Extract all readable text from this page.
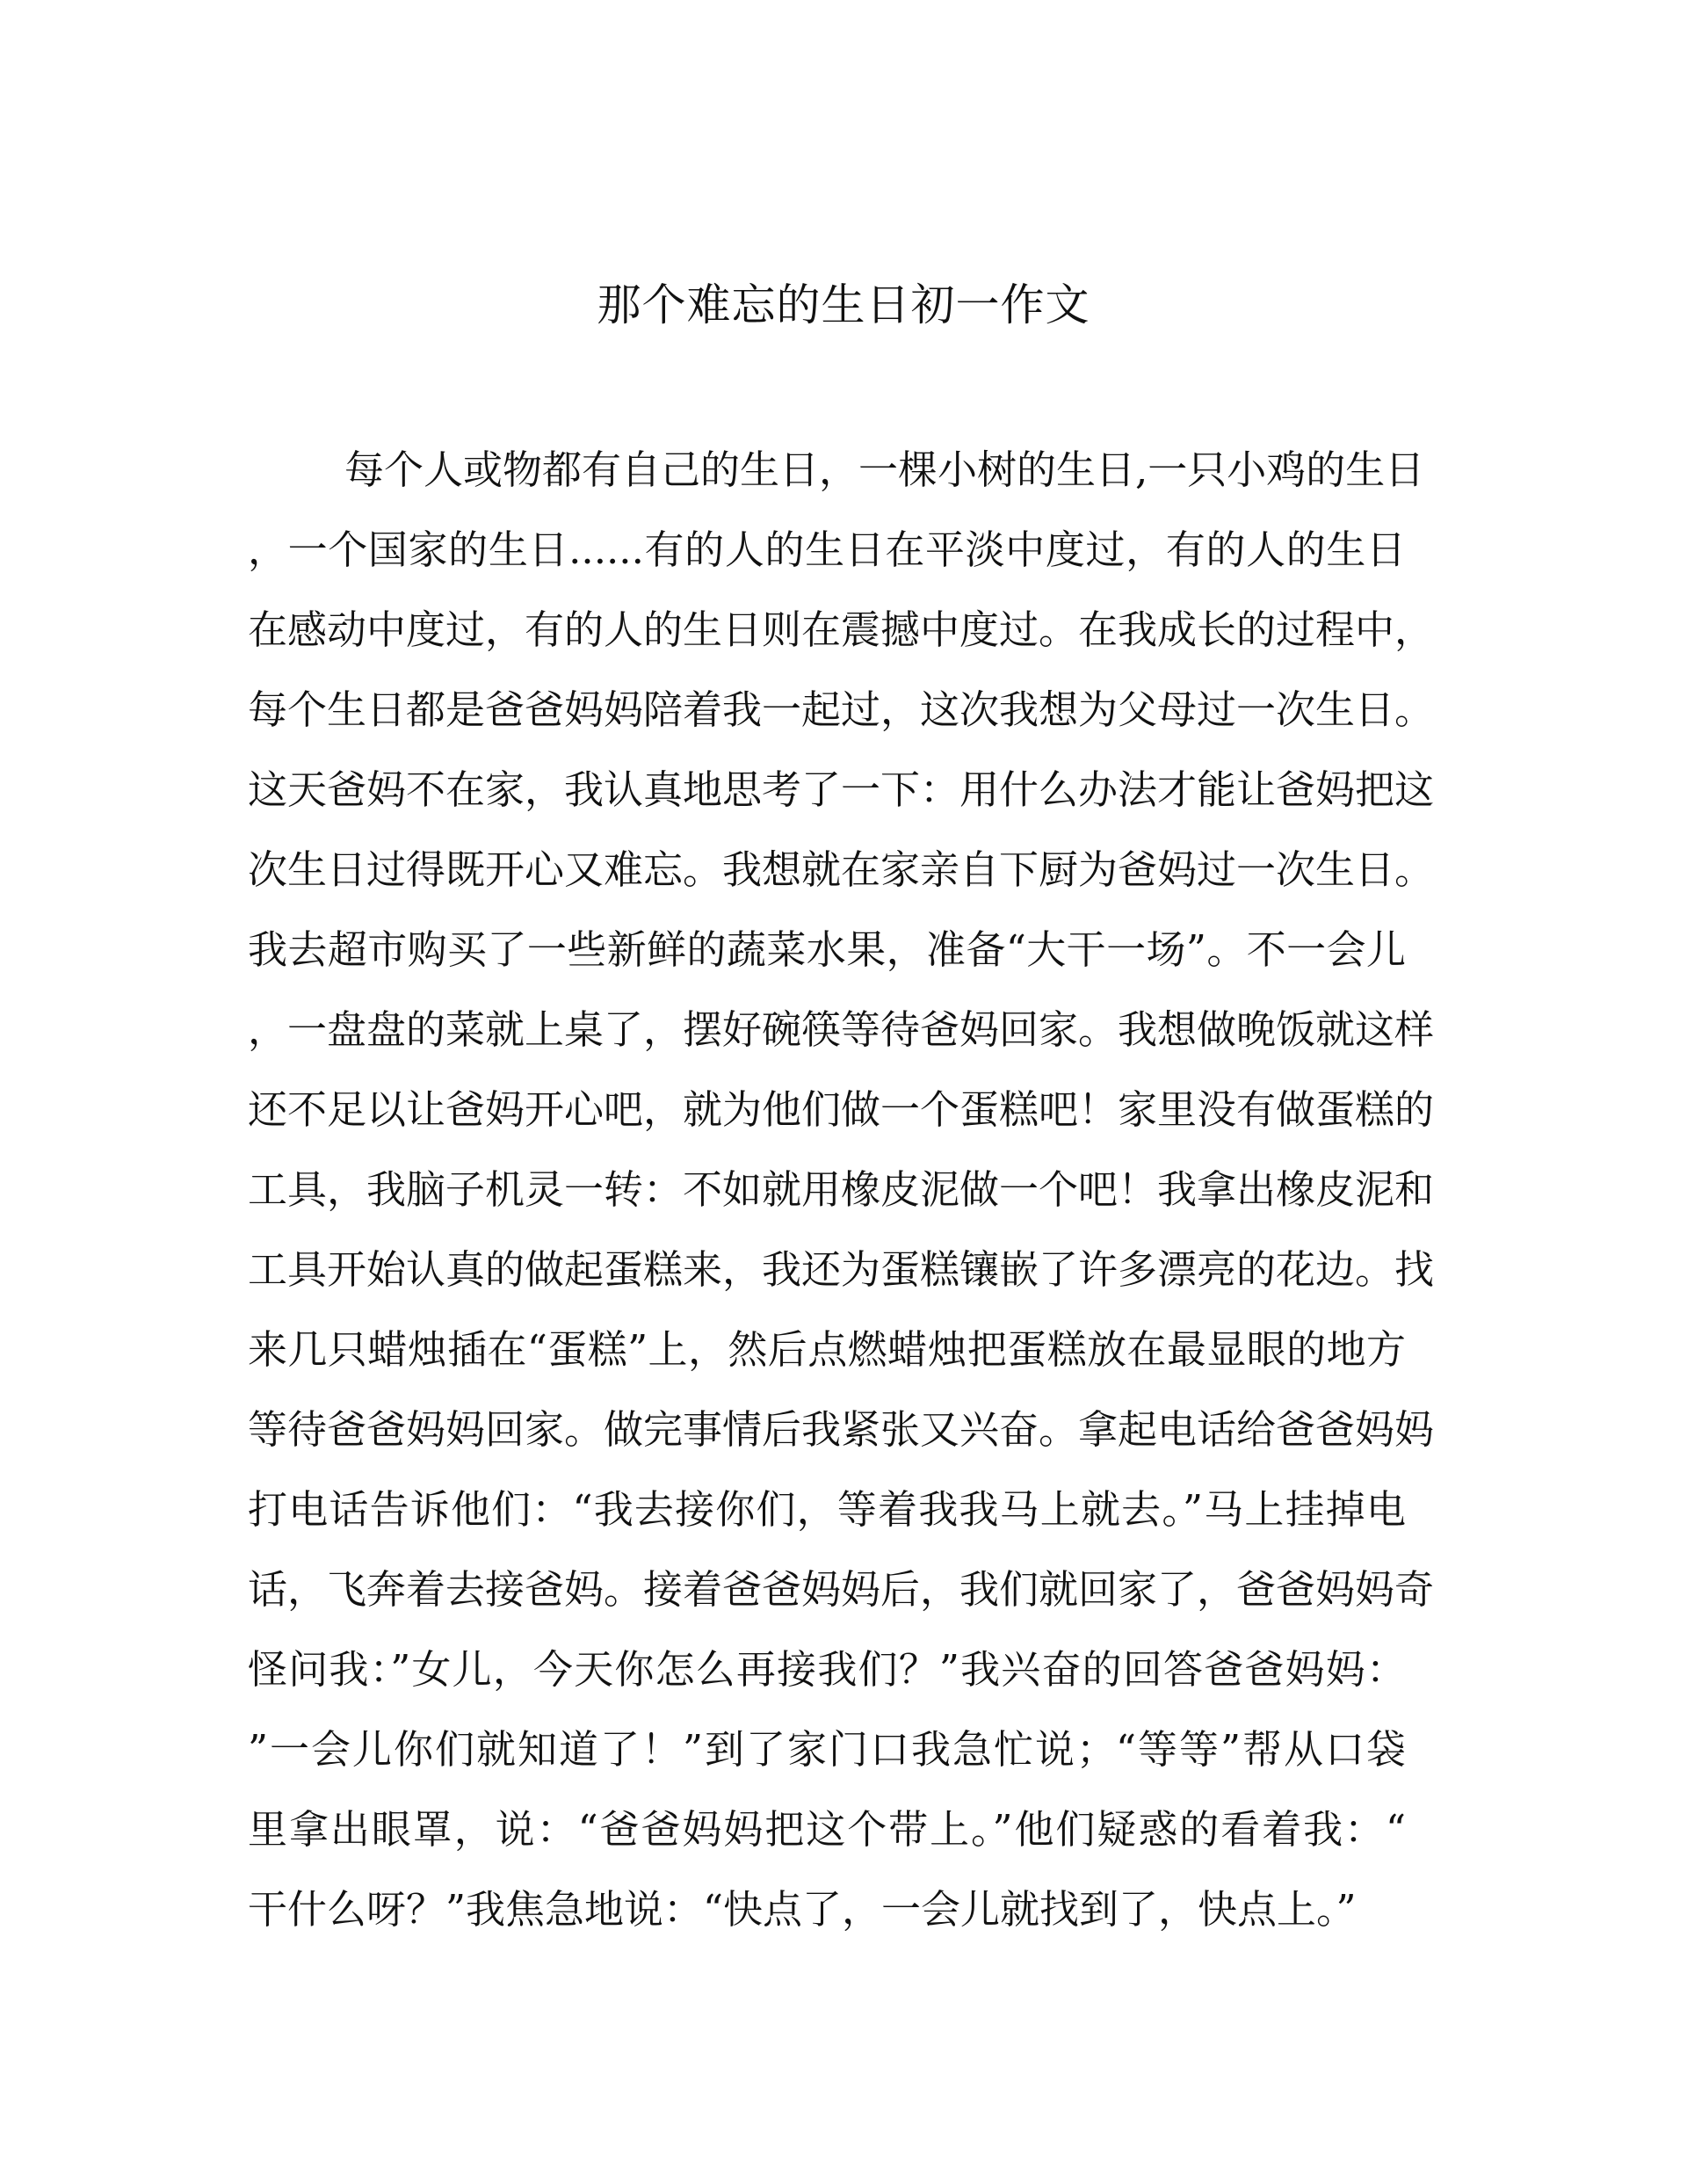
那个难忘的生日初一作文
每个人或物都有自己的生日，一棵小树的生日,一只小鸡的生日
，一个国家的生日......有的人的生日在平淡中度过，有的人的生日
在感动中度过，有的人的生日则在震撼中度过。在我成长的过程中，
每个生日都是爸爸妈妈陪着我一起过，这次我想为父母过一次生日。
这天爸妈不在家，我认真地思考了一下：用什么办法才能让爸妈把这
次生日过得既开心又难忘。我想就在家亲自下厨为爸妈过一次生日。
我去超市购买了一些新鲜的蔬菜水果，准备“大干一场”。不一会儿
，一盘盘的菜就上桌了，摆好碗筷等待爸妈回家。我想做晚饭就这样
还不足以让爸妈开心吧，就为他们做一个蛋糕吧！家里没有做蛋糕的
工具，我脑子机灵一转：不如就用橡皮泥做一个吧！我拿出橡皮泥和
工具开始认真的做起蛋糕来，我还为蛋糕镶嵌了许多漂亮的花边。找
来几只蜡烛插在“蛋糕”上，然后点燃蜡烛把蛋糕放在最显眼的地方
等待爸爸妈妈回家。做完事情后我紧张又兴奋。拿起电话给爸爸妈妈
打电话告诉他们：“我去接你们，等着我我马上就去。”马上挂掉电
话，飞奔着去接爸妈。接着爸爸妈妈后，我们就回家了，爸爸妈妈奇
怪问我：”女儿，今天你怎么再接我们？”我兴奋的回答爸爸妈妈：
”一会儿你们就知道了！”到了家门口我急忙说；“等等”帮从口袋
里拿出眼罩，说：“爸爸妈妈把这个带上。”他们疑惑的看着我：“
干什么呀？”我焦急地说：“快点了，一会儿就找到了，快点上。”
